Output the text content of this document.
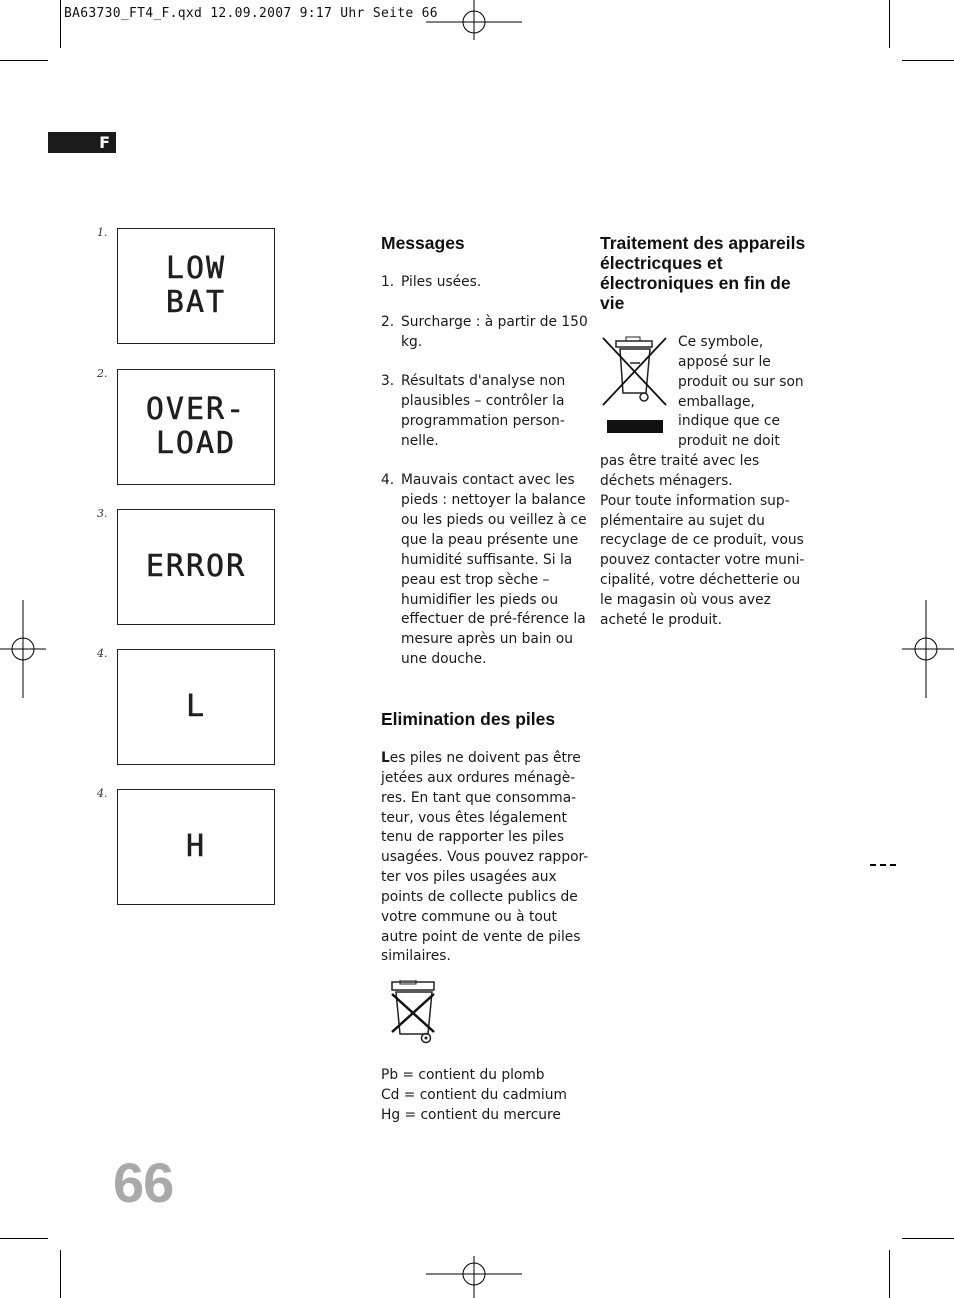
BA63730_FT4_F.qxd 12.09.2007 9:17 Uhr Seite 66
F
1.
LOW
BAT
2.
OVER-
LOAD
3.
ERROR
4.
L
4.
H
Messages
1. Piles usées.
2. Surcharge : à partir de 150 kg.
3. Résultats d'analyse non plausibles – contrôler la programmation person-nelle.
4. Mauvais contact avec les pieds : nettoyer la balance ou les pieds ou veillez à ce que la peau présente une humidité suffisante. Si la peau est trop sèche – humidifier les pieds ou effectuer de pré-férence la mesure après un bain ou une douche.
Elimination des piles
Les piles ne doivent pas être jetées aux ordures ménagè-res. En tant que consomma-teur, vous êtes légalement tenu de rapporter les piles usagées. Vous pouvez rappor-ter vos piles usagées aux points de collecte publics de votre commune ou à tout autre point de vente de piles similaires.
Pb = contient du plomb
Cd = contient du cadmium
Hg = contient du mercure
Traitement des appareils électricques et électroniques en fin de vie
Ce symbole, apposé sur le produit ou sur son emballage, indique que ce produit ne doit
pas être traité avec les déchets ménagers.
Pour toute information sup-plémentaire au sujet du recyclage de ce produit, vous pouvez contacter votre muni-cipalité, votre déchetterie ou le magasin où vous avez acheté le produit.
66
